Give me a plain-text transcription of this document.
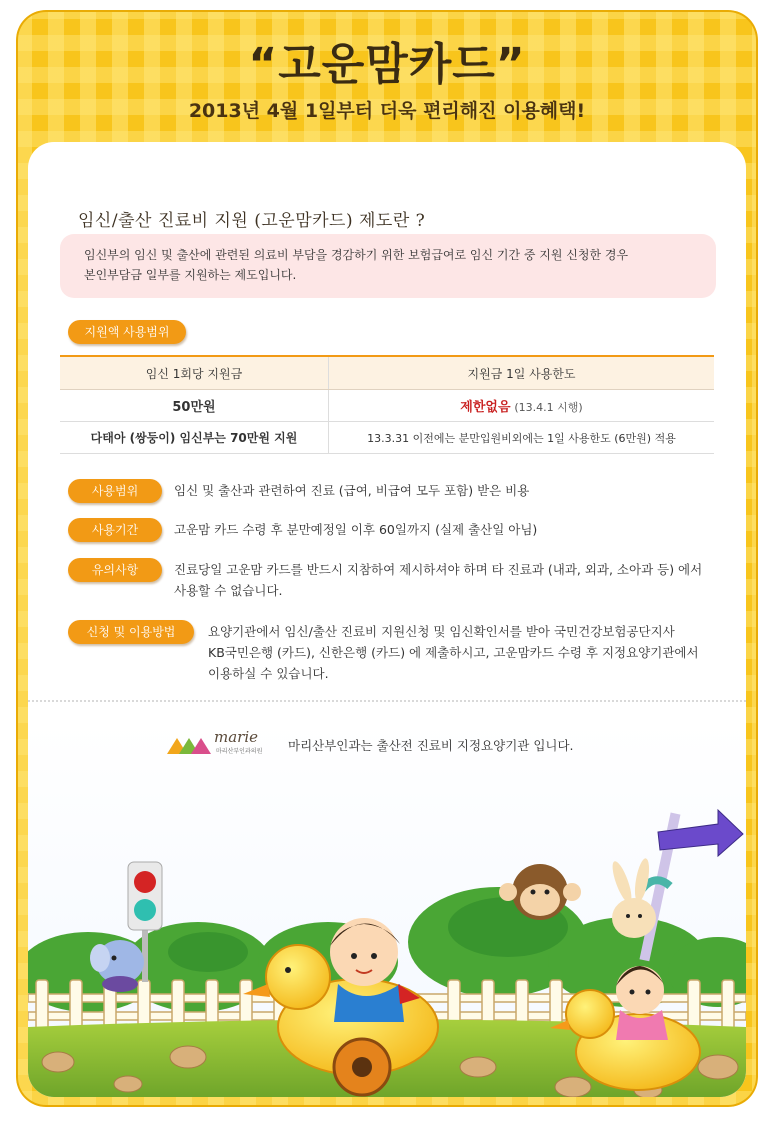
“고운맘카드”
2013년 4월 1일부터 더욱 편리해진 이용혜택!
임신/출산 진료비 지원 (고운맘카드) 제도란 ?
임신부의 임신 및 출산에 관련된 의료비 부담을 경감하기 위한 보험급여로 임신 기간 중 지원 신청한 경우
본인부담금 일부를 지원하는 제도입니다.
지원액 사용범위
임신 1회당 지원금	지원금 1일 사용한도
50만원	제한없음 (13.4.1 시행)
다태아 (쌍둥이) 임신부는 70만원 지원	13.3.31 이전에는 분만입원비외에는 1일 사용한도 (6만원) 적용
사용범위	임신 및 출산과 관련하여 진료 (급여, 비급여 모두 포함) 받은 비용
사용기간	고운맘 카드 수령 후 분만예정일 이후 60일까지 (실제 출산일 아님)
유의사항	진료당일 고운맘 카드를 반드시 지참하여 제시하셔야 하며 타 진료과 (내과, 외과, 소아과 등) 에서
사용할 수 없습니다.
신청 및 이용방법	요양기관에서 임신/출산 진료비 지원신청 및 임신확인서를 받아 국민건강보험공단지사
KB국민은행 (카드), 신한은행 (카드) 에 제출하시고, 고운맘카드 수령 후 지정요양기관에서
이용하실 수 있습니다.
marie
마리산부인과의원 마리산부인과는 출산전 진료비 지정요양기관 입니다.
